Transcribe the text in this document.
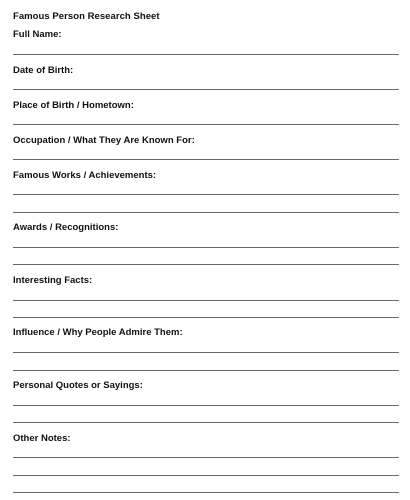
Famous Person Research Sheet
Full Name:
Date of Birth:
Place of Birth / Hometown:
Occupation / What They Are Known For:
Famous Works / Achievements:
Awards / Recognitions:
Interesting Facts:
Influence / Why People Admire Them:
Personal Quotes or Sayings:
Other Notes:
